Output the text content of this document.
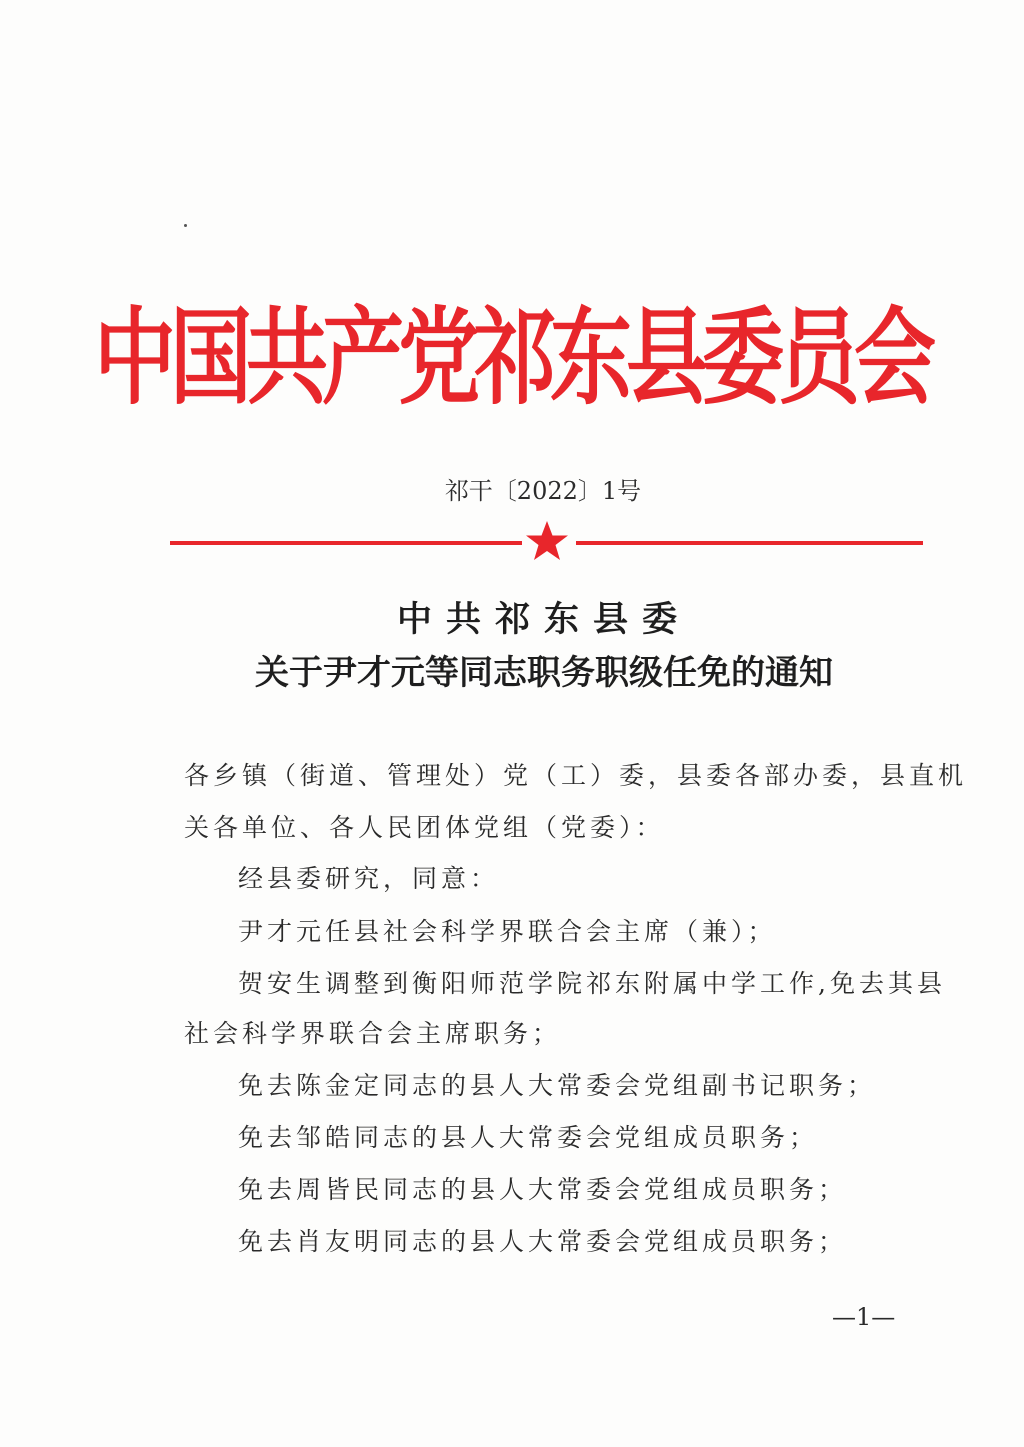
中国共产党祁东县委员会
祁干〔2022〕1号
中共祁东县委
关于尹才元等同志职务职级任免的通知
各乡镇（街道、管理处）党（工）委，县委各部办委，县直机
关各单位、各人民团体党组（党委）：
经县委研究，同意：
尹才元任县社会科学界联合会主席（兼）；
贺安生调整到衡阳师范学院祁东附属中学工作,免去其县
社会科学界联合会主席职务；
免去陈金定同志的县人大常委会党组副书记职务；
免去邹皓同志的县人大常委会党组成员职务；
免去周皆民同志的县人大常委会党组成员职务；
免去肖友明同志的县人大常委会党组成员职务；
—1—
